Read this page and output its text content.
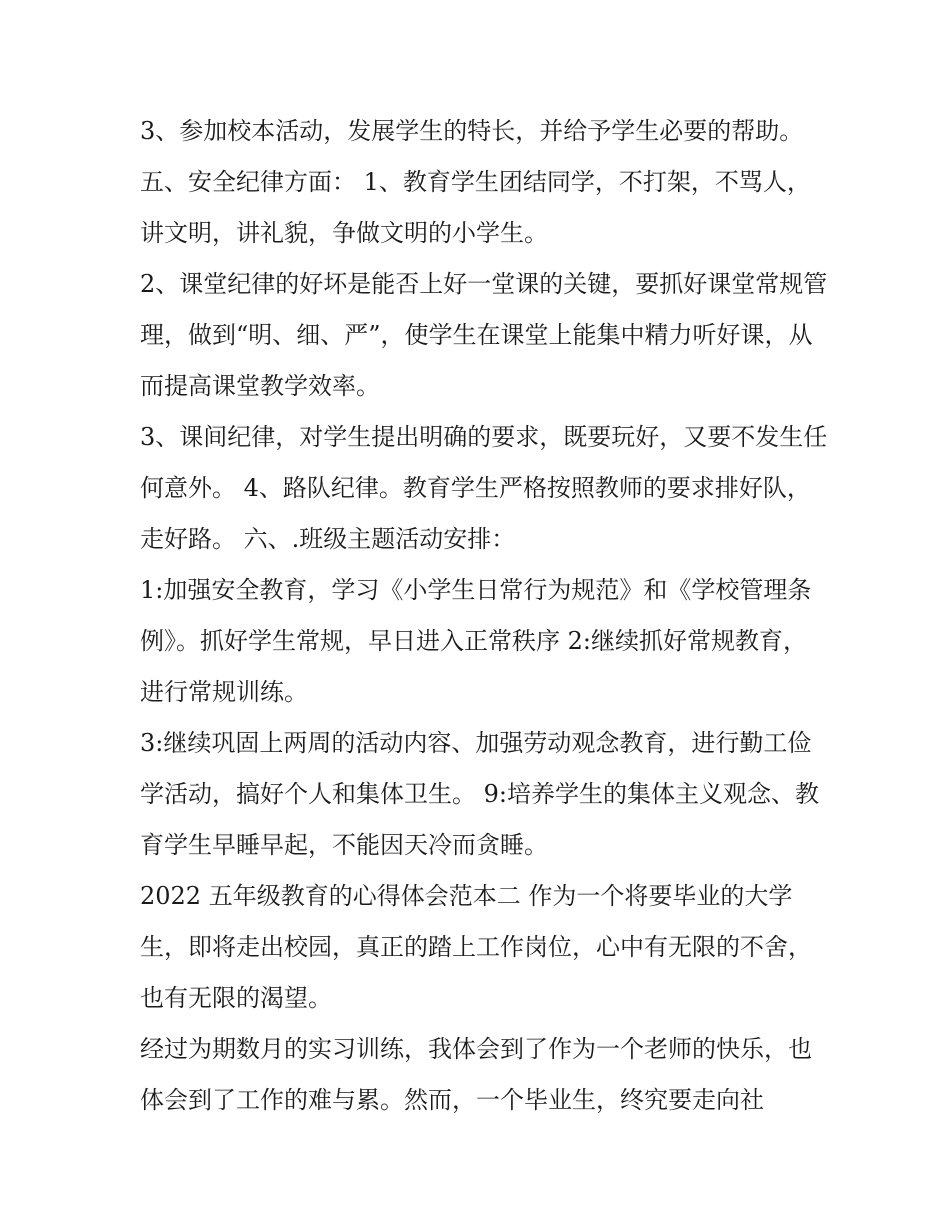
3、参加校本活动，发展学生的特长，并给予学生必要的帮助。 五、安全纪律方面： 1、教育学生团结同学，不打架，不骂人，讲文明，讲礼貌，争做文明的小学生。

2、课堂纪律的好坏是能否上好一堂课的关键，要抓好课堂常规管理，做到“明、细、严”，使学生在课堂上能集中精力听好课，从而提高课堂教学效率。

3、课间纪律，对学生提出明确的要求，既要玩好，又要不发生任何意外。 4、路队纪律。教育学生严格按照教师的要求排好队，走好路。 六、.班级主题活动安排：

1:加强安全教育，学习《小学生日常行为规范》和《学校管理条例》。抓好学生常规，早日进入正常秩序 2:继续抓好常规教育，进行常规训练。

3:继续巩固上两周的活动内容、加强劳动观念教育，进行勤工俭学活动，搞好个人和集体卫生。 9:培养学生的集体主义观念、教育学生早睡早起，不能因天冷而贪睡。

2022 五年级教育的心得体会范本二 作为一个将要毕业的大学生，即将走出校园，真正的踏上工作岗位，心中有无限的不舍，也有无限的渴望。

经过为期数月的实习训练，我体会到了作为一个老师的快乐，也体会到了工作的难与累。然而，一个毕业生，终究要走向社
